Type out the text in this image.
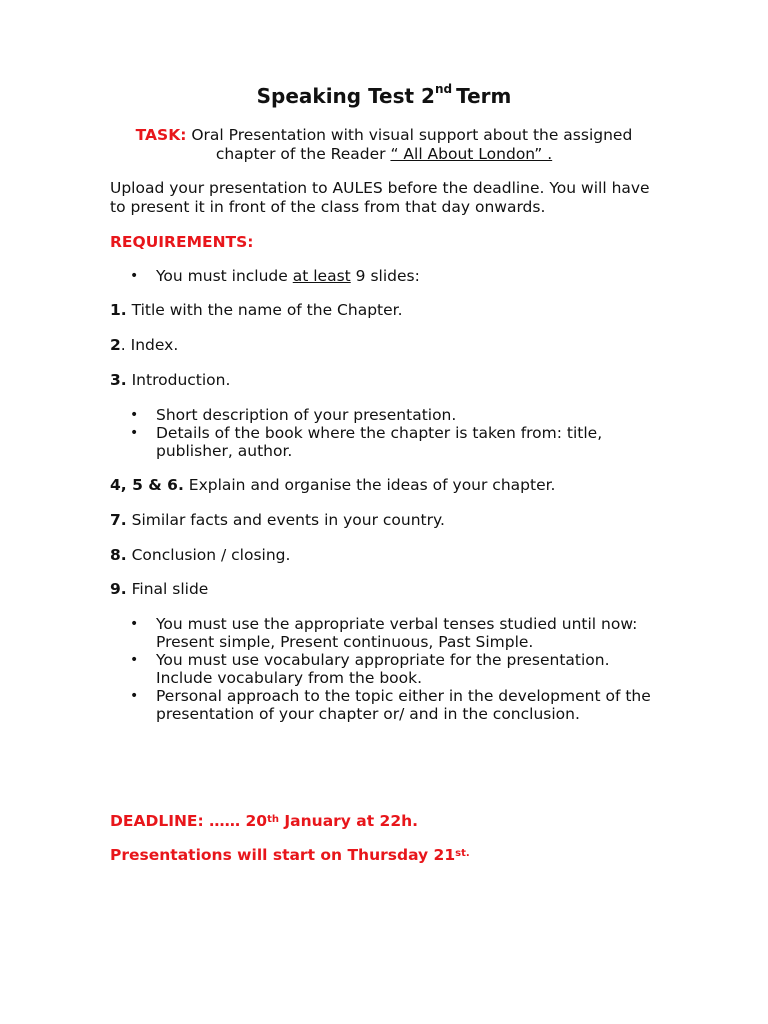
Speaking Test 2nd Term
TASK: Oral Presentation with visual support about the assigned
chapter of the Reader “ All About London” .
Upload your presentation to AULES before the deadline. You will have
to present it in front of the class from that day onwards.
REQUIREMENTS:
• You must include at least 9 slides:
1. Title with the name of the Chapter.
2. Index.
3. Introduction.
• Short description of your presentation.
• Details of the book where the chapter is taken from: title,
publisher, author.
4, 5 & 6. Explain and organise the ideas of your chapter.
7. Similar facts and events in your country.
8. Conclusion / closing.
9. Final slide
• You must use the appropriate verbal tenses studied until now:
Present simple, Present continuous, Past Simple.
• You must use vocabulary appropriate for the presentation.
Include vocabulary from the book.
• Personal approach to the topic either in the development of the
presentation of your chapter or/ and in the conclusion.
DEADLINE: …… 20th January at 22h.
Presentations will start on Thursday $21^{st.}$
